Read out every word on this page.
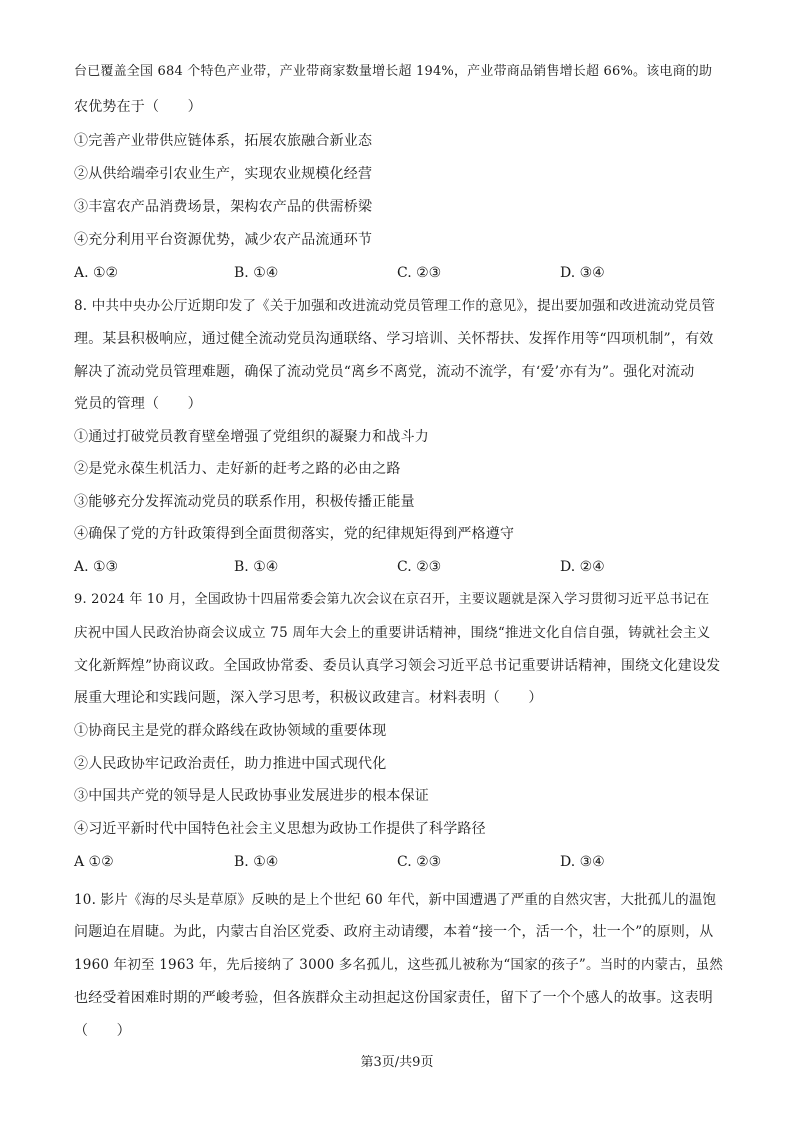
台已覆盖全国 684 个特色产业带，产业带商家数量增长超 194%，产业带商品销售增长超 66%。该电商的助
农优势在于（　　）
①完善产业带供应链体系，拓展农旅融合新业态
②从供给端牵引农业生产，实现农业规模化经营
③丰富农产品消费场景，架构农产品的供需桥梁
④充分利用平台资源优势，减少农产品流通环节
A. ①②	B. ①④	C. ②③	D. ③④
8. 中共中央办公厅近期印发了《关于加强和改进流动党员管理工作的意见》，提出要加强和改进流动党员管
理。某县积极响应，通过健全流动党员沟通联络、学习培训、关怀帮扶、发挥作用等“四项机制”，有效
解决了流动党员管理难题，确保了流动党员“离乡不离党，流动不流学，有‘爱’亦有为”。强化对流动
党员的管理（　　）
①通过打破党员教育壁垒增强了党组织的凝聚力和战斗力
②是党永葆生机活力、走好新的赶考之路的必由之路
③能够充分发挥流动党员的联系作用，积极传播正能量
④确保了党的方针政策得到全面贯彻落实，党的纪律规矩得到严格遵守
A. ①③	B. ①④	C. ②③	D. ②④
9. 2024 年 10 月，全国政协十四届常委会第九次会议在京召开，主要议题就是深入学习贯彻习近平总书记在
庆祝中国人民政治协商会议成立 75 周年大会上的重要讲话精神，围绕“推进文化自信自强，铸就社会主义
文化新辉煌”协商议政。全国政协常委、委员认真学习领会习近平总书记重要讲话精神，围绕文化建设发
展重大理论和实践问题，深入学习思考，积极议政建言。材料表明（　　）
①协商民主是党的群众路线在政协领域的重要体现
②人民政协牢记政治责任，助力推进中国式现代化
③中国共产党的领导是人民政协事业发展进步的根本保证
④习近平新时代中国特色社会主义思想为政协工作提供了科学路径
A ①②	B. ①④	C. ②③	D. ③④
10. 影片《海的尽头是草原》反映的是上个世纪 60 年代，新中国遭遇了严重的自然灾害，大批孤儿的温饱
问题迫在眉睫。为此，内蒙古自治区党委、政府主动请缨，本着“接一个，活一个，壮一个”的原则，从
1960 年初至 1963 年，先后接纳了 3000 多名孤儿，这些孤儿被称为“国家的孩子”。当时的内蒙古，虽然
也经受着困难时期的严峻考验，但各族群众主动担起这份国家责任，留下了一个个感人的故事。这表明
（　　）
第3页/共9页
